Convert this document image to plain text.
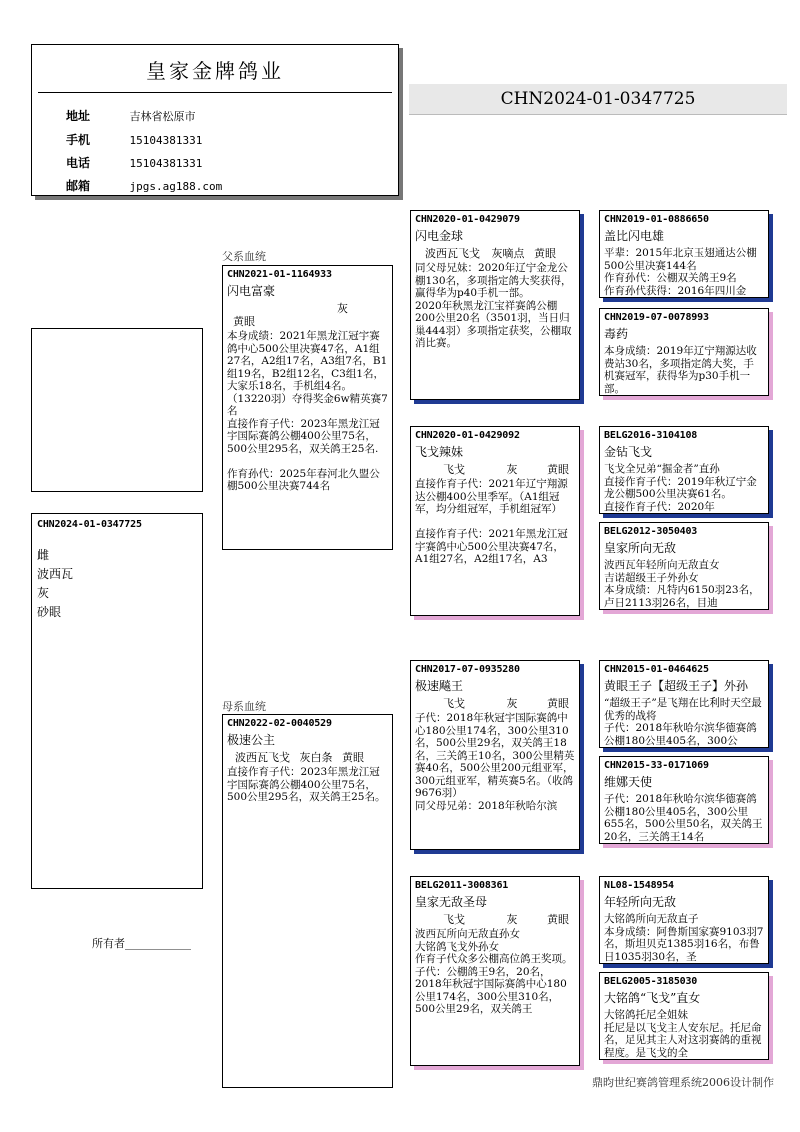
皇家金牌鸽业
地址	吉林省松原市
手机	15104381331
电话	15104381331
邮箱	jpgs.ag188.com
CHN2024-01-0347725
CHN2024-01-0347725
雌
波西瓦
灰
砂眼
所有者____________
父系血统
母系血统
CHN2021-01-1164933
闪电富豪
灰 黄眼
本身成绩：2021年黑龙江冠宇赛鸽中心500公里决赛47名，A1组27名，A2组17名，A3组7名，B1组19名，B2组12名，C3组1名，大家乐18名，手机组4名。（13220羽）夺得奖金6w精英赛7名
直接作育子代：2023年黑龙江冠宇国际赛鸽公棚400公里75名，500公里295名，双关鸽王25名.

作育孙代：2025年春河北久盟公棚500公里决赛744名
CHN2022-02-0040529
极速公主
波西瓦飞戈 灰白条 黄眼
直接作育子代：2023年黑龙江冠宇国际赛鸽公棚400公里75名，500公里295名，双关鸽王25名。
CHN2020-01-0429079
闪电金球
波西瓦飞戈 灰嘀点 黄眼
同父母兄妹：2020年辽宁金龙公棚130名，多项指定鸽大奖获得，赢得华为p40手机一部。
2020年秋黑龙江宝祥赛鸽公棚200公里20名（3501羽，当日归巢444羽）多项指定获奖，公棚取消比赛。
CHN2020-01-0429092
飞戈辣妹
飞戈	灰	黄眼
直接作育子代：2021年辽宁翔源达公棚400公里季军。（A1组冠军，均分组冠军，手机组冠军）

直接作育子代：2021年黑龙江冠宇赛鸽中心500公里决赛47名，A1组27名，A2组17名，A3
CHN2017-07-0935280
极速飚王
飞戈	灰	黄眼
子代：2018年秋冠宇国际赛鸽中心180公里174名，300公里310名，500公里29名，双关鸽王18名，三关鸽王10名，300公里精英赛40名，500公里200元组亚军，300元组亚军，精英赛5名。（收鸽9676羽）
同父母兄弟：2018年秋哈尔滨
BELG2011-3008361
皇家无敌圣母
飞戈	灰	黄眼
波西瓦所向无敌直孙女
大铭鸽飞戈外孙女
作育子代众多公棚高位鸽王奖项。
子代：公棚鸽王9名，20名，2018年秋冠宇国际赛鸽中心180公里174名，300公里310名，500公里29名，双关鸽王
CHN2019-01-0886650
盖比闪电雄
平辈：2015年北京玉翅通达公棚500公里决赛144名
作育孙代：公棚双关鸽王9名
作育孙代获得：2016年四川金
CHN2019-07-0078993
毒药
本身成绩：2019年辽宁翔源达收费站30名，多项指定鸽大奖，手机赛冠军，获得华为p30手机一部。
BELG2016-3104108
金钻飞戈
飞戈全兄弟“掘金者”直孙
直接作育子代：2019年秋辽宁金龙公棚500公里决赛61名。
直接作育子代：2020年
BELG2012-3050403
皇家所向无敌
波西瓦年轻所向无敌直女
吉诺超级王子外孙女
本身成绩：凡特内6150羽23名，卢日2113羽26名，目迪
CHN2015-01-0464625
黄眼王子【超级王子】外孙
“超级王子”是飞翔在比利时天空最优秀的战将
子代：2018年秋哈尔滨华德赛鸽公棚180公里405名，300公
CHN2015-33-0171069
维娜天使
子代：2018年秋哈尔滨华德赛鸽公棚180公里405名，300公里655名，500公里50名，双关鸽王20名，三关鸽王14名
NL08-1548954
年轻所向无敌
大铭鸽所向无敌直子
本身成绩：阿鲁斯国家赛9103羽7名，斯坦贝克1385羽16名，布鲁日1035羽30名，圣
BELG2005-3185030
大铭鸽“飞戈”直女
大铭鸽托尼全姐妹
托尼是以飞戈主人安东尼。托尼命名，足见其主人对这羽赛鸽的重视程度。是飞戈的全
鼎昀世纪赛鸽管理系统2006设计制作
